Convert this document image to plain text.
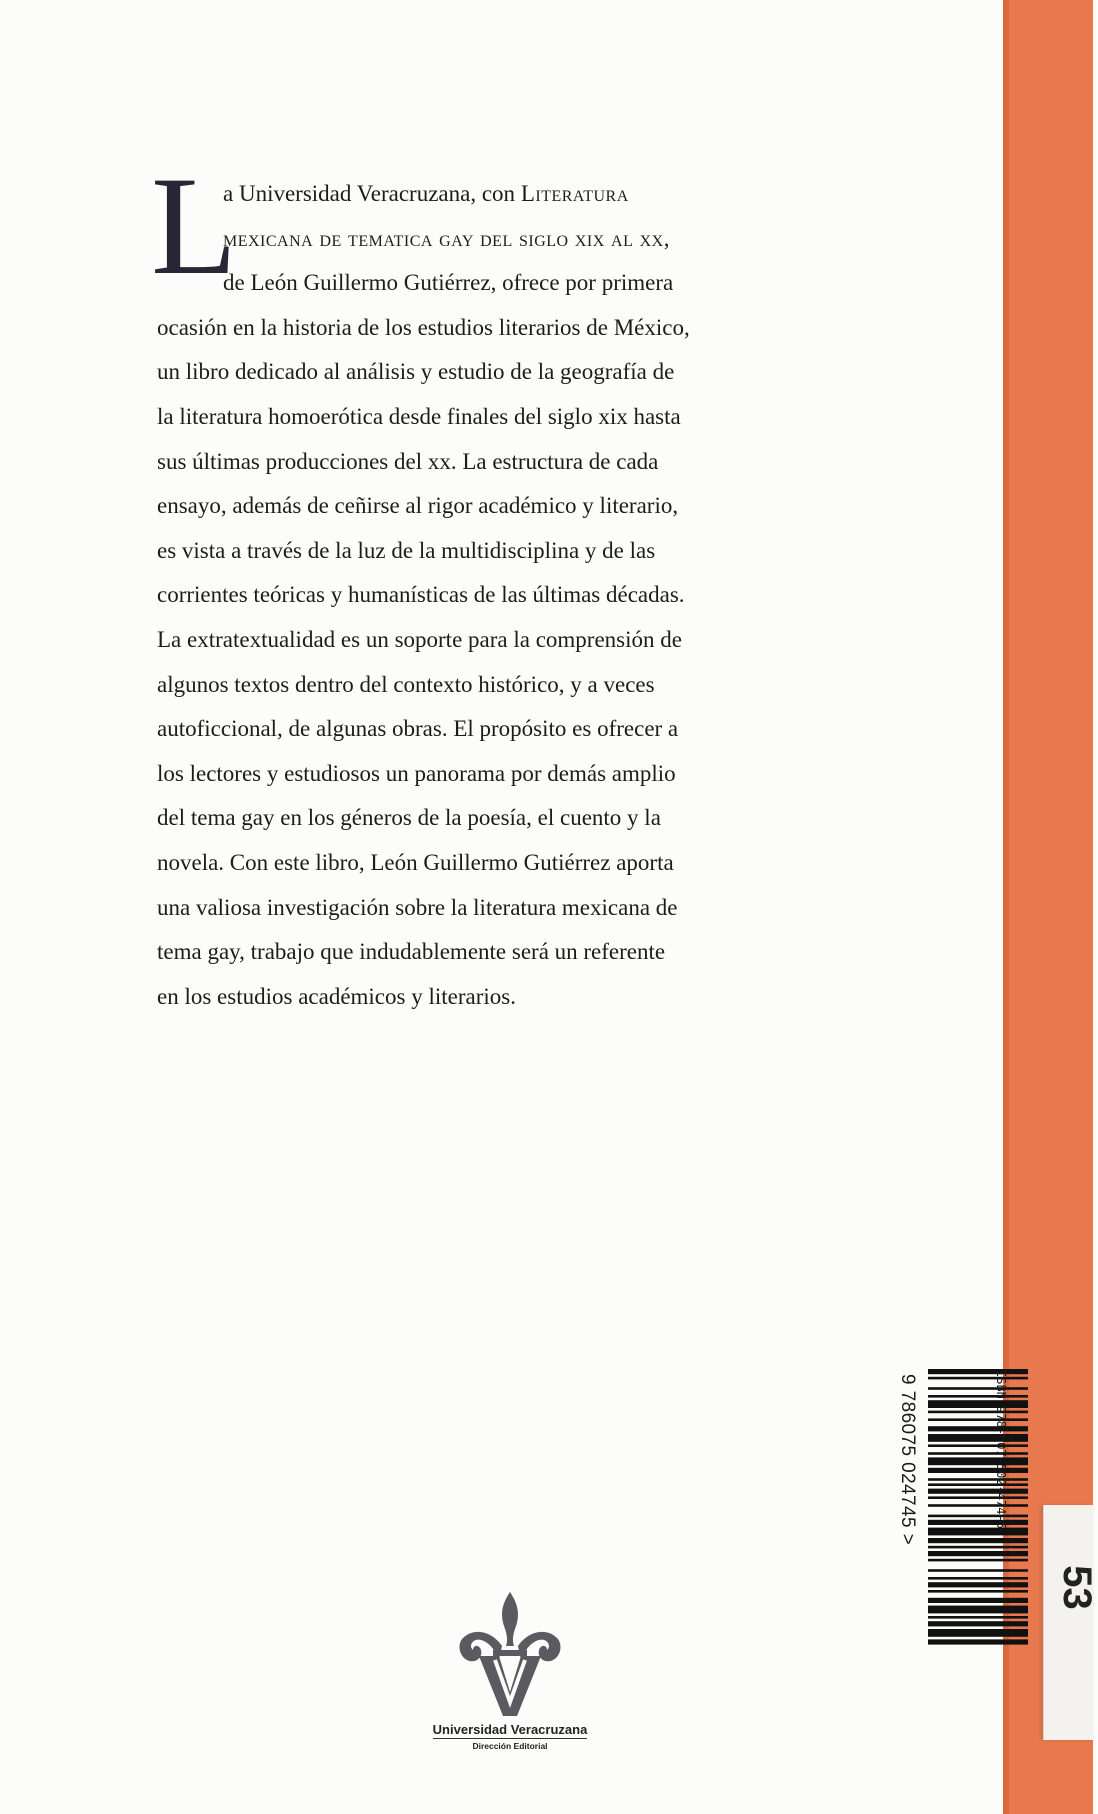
53
L
a Universidad Veracruzana, con Literatura
mexicana de tematica gay del siglo xix al xx,
de León Guillermo Gutiérrez, ofrece por primera
ocasión en la historia de los estudios literarios de México,
un libro dedicado al análisis y estudio de la geografía de
la literatura homoerótica desde finales del siglo xix hasta
sus últimas producciones del xx. La estructura de cada
ensayo, además de ceñirse al rigor académico y literario,
es vista a través de la luz de la multidisciplina y de las
corrientes teóricas y humanísticas de las últimas décadas.
La extratextualidad es un soporte para la comprensión de
algunos textos dentro del contexto histórico, y a veces
autoficcional, de algunas obras. El propósito es ofrecer a
los lectores y estudiosos un panorama por demás amplio
del tema gay en los géneros de la poesía, el cuento y la
novela. Con este libro, León Guillermo Gutiérrez aporta
una valiosa investigación sobre la literatura mexicana de
tema gay, trabajo que indudablemente será un referente
en los estudios académicos y literarios.
ISBN 978-607-502-474-5
9 786075 024745 >
Universidad Veracruzana
Dirección Editorial
